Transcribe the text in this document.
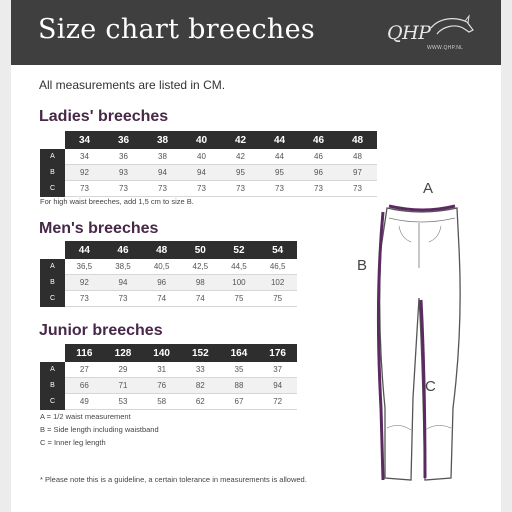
Size chart breeches	QHP
WWW.QHP.NL
All measurements are listed in CM.
Ladies' breeches
	34	36	38	40	42	44	46	48
A	34	36	38	40	42	44	46	48
B	92	93	94	94	95	95	96	97
C	73	73	73	73	73	73	73	73
For high waist breeches, add 1,5 cm to size B.
Men's breeches
	44	46	48	50	52	54
A	36,5	38,5	40,5	42,5	44,5	46,5
B	92	94	96	98	100	102
C	73	73	74	74	75	75
Junior breeches
	116	128	140	152	164	176
A	27	29	31	33	35	37
B	66	71	76	82	88	94
C	49	53	58	62	67	72
A = 1/2 waist measurement
B = Side length including waistband
C = Inner leg length
* Please note this is a guideline, a certain tolerance in measurements is allowed.
A
B
C
